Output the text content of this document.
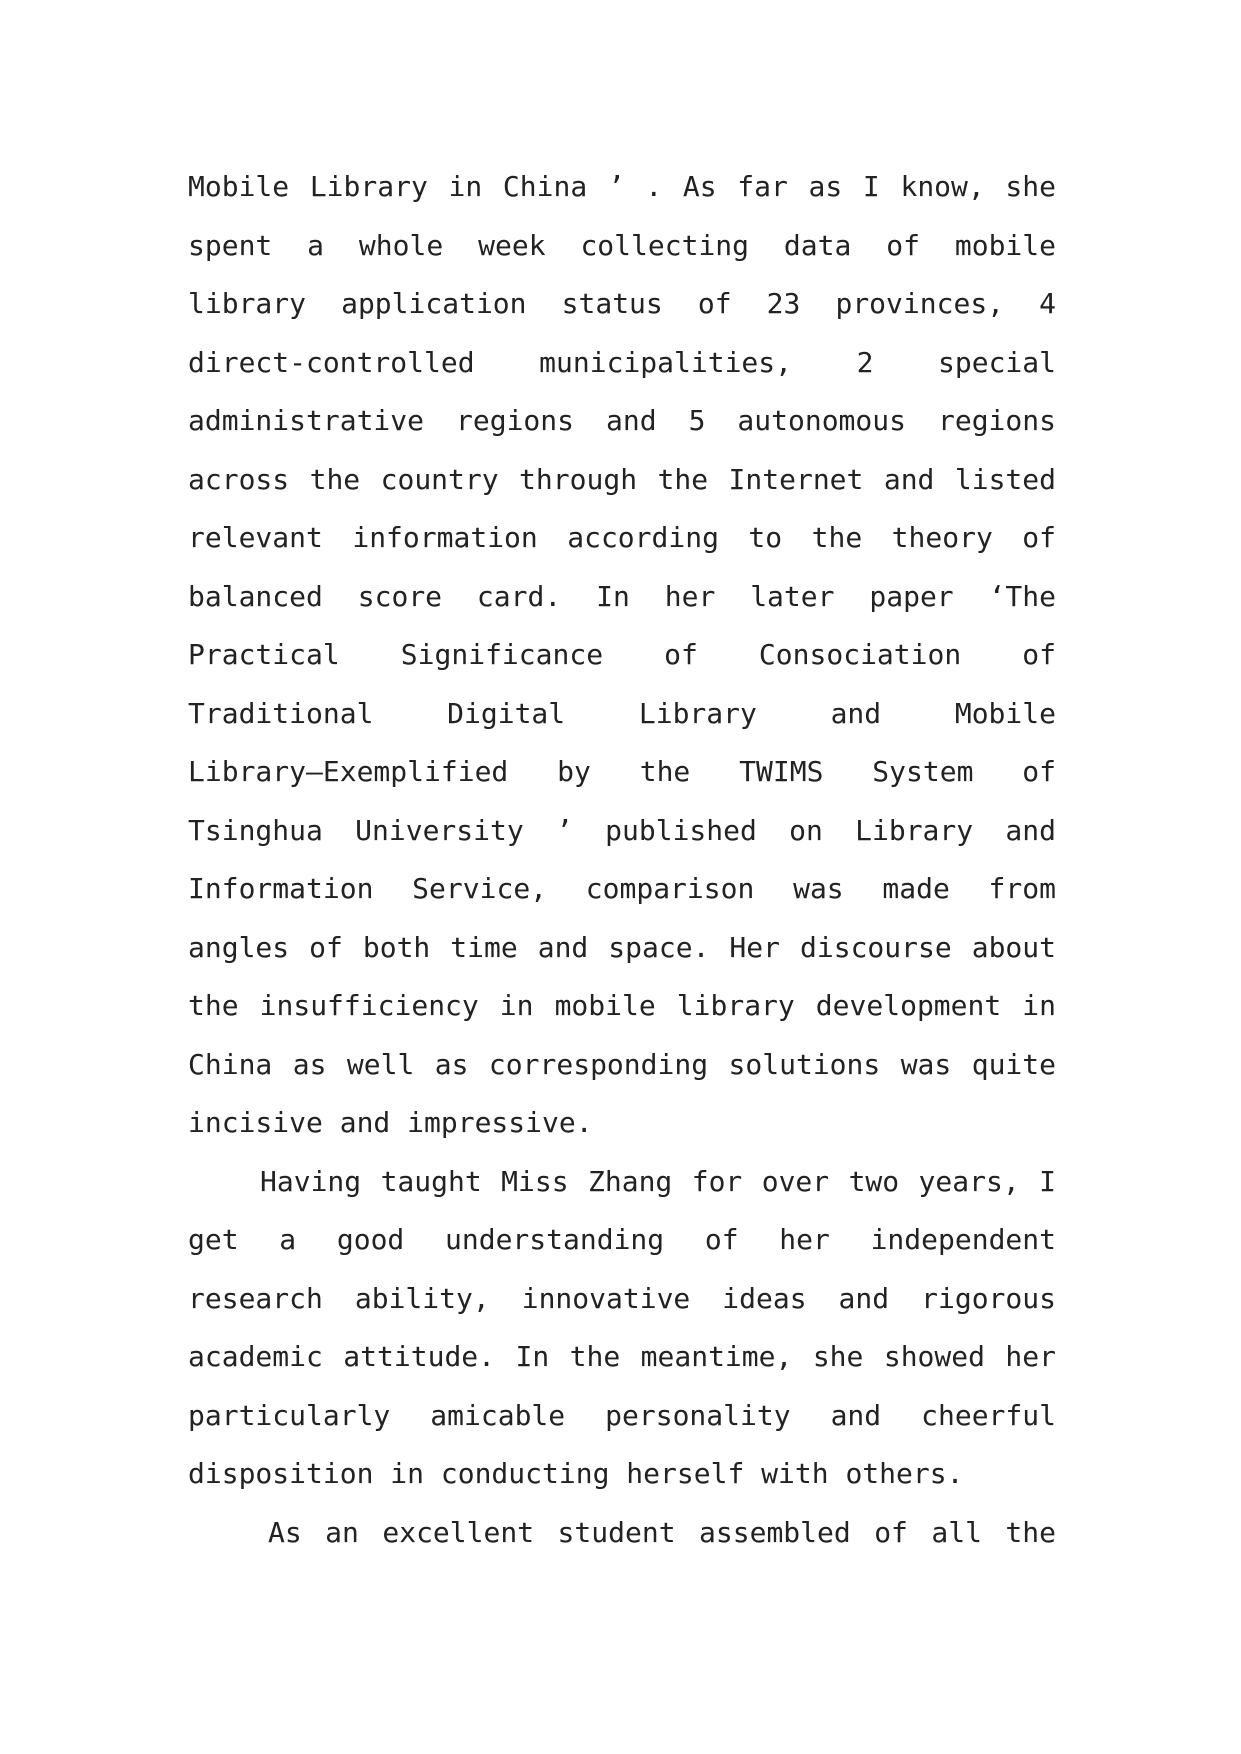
Mobile Library in China ’ . As far as I know, she
spent a whole week collecting data of mobile
library application status of 23 provinces, 4
direct-controlled municipalities, 2 special
administrative regions and 5 autonomous regions
across the country through the Internet and listed
relevant information according to the theory of
balanced score card. In her later paper ‘The
Practical Significance of Consociation of
Traditional Digital Library and Mobile
Library—Exemplified by the TWIMS System of
Tsinghua University ’ published on Library and
Information Service, comparison was made from
angles of both time and space. Her discourse about
the insufficiency in mobile library development in
China as well as corresponding solutions was quite
incisive and impressive.
Having taught Miss Zhang for over two years, I
get a good understanding of her independent
research ability, innovative ideas and rigorous
academic attitude. In the meantime, she showed her
particularly amicable personality and cheerful
disposition in conducting herself with others.
As an excellent student assembled of all the
